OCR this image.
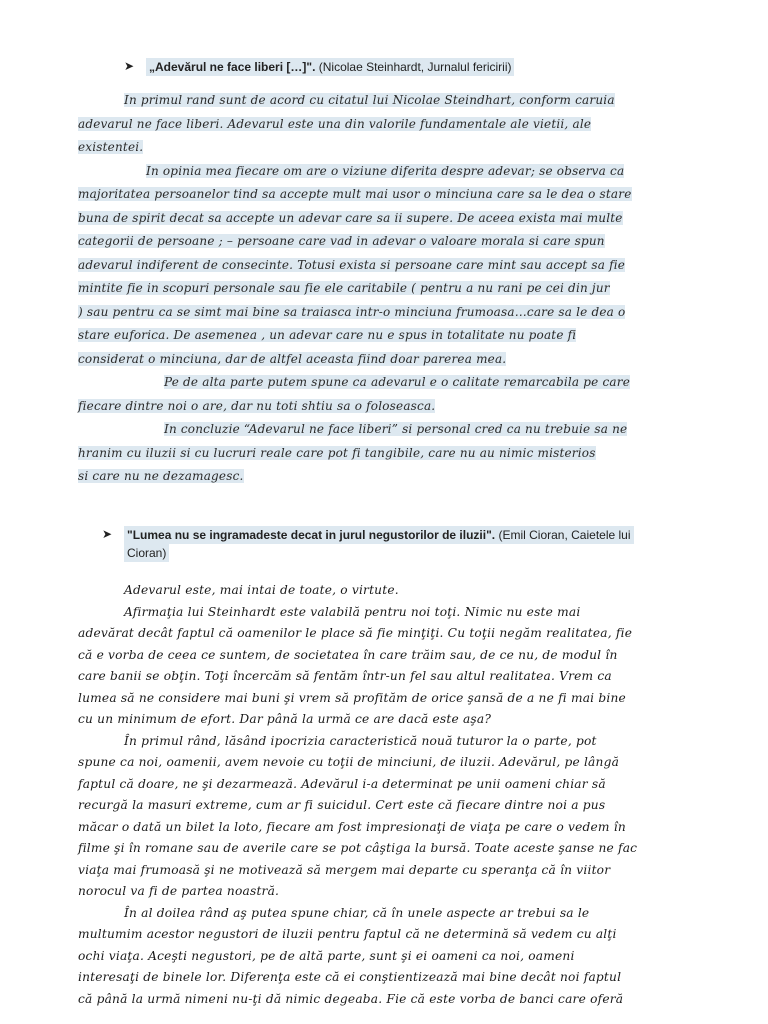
➤ „Adevărul ne face liberi […]". (Nicolae Steinhardt, Jurnalul fericirii)

In primul rand sunt de acord cu citatul lui Nicolae Steindhart, conform caruia

adevarul ne face liberi. Adevarul este una din valorile fundamentale ale vietii, ale

existentei.

In opinia mea fiecare om are o viziune diferita despre adevar; se observa ca

majoritatea persoanelor tind sa accepte mult mai usor o minciuna care sa le dea o stare

buna de spirit decat sa accepte un adevar care sa ii supere. De aceea exista mai multe

categorii de persoane ; – persoane care vad in adevar o valoare morala si care spun

adevarul indiferent de consecinte. Totusi exista si persoane care mint sau accept sa fie

mintite fie in scopuri personale sau fie ele caritabile ( pentru a nu rani pe cei din jur

) sau pentru ca se simt mai bine sa traiasca intr-o minciuna frumoasa…care sa le dea o

stare euforica. De asemenea , un adevar care nu e spus in totalitate nu poate fi

considerat o minciuna, dar de altfel aceasta fiind doar parerea mea.

Pe de alta parte putem spune ca adevarul e o calitate remarcabila pe care

fiecare dintre noi o are, dar nu toti shtiu sa o foloseasca.

In concluzie “Adevarul ne face liberi” si personal cred ca nu trebuie sa ne

hranim cu iluzii si cu lucruri reale care pot fi tangibile, care nu au nimic misterios

si care nu ne dezamagesc.

➤ "Lumea nu se ingramadeste decat in jurul negustorilor de iluzii". (Emil Cioran, Caietele lui
Cioran)

Adevarul este, mai intai de toate, o virtute.

Afirmaţia lui Steinhardt este valabilă pentru noi toţi. Nimic nu este mai

adevărat decât faptul că oamenilor le place să fie minţiţi. Cu toţii negăm realitatea, fie

că e vorba de ceea ce suntem, de societatea în care trăim sau, de ce nu, de modul în

care banii se obţin. Toţi încercăm să fentăm într-un fel sau altul realitatea. Vrem ca

lumea să ne considere mai buni şi vrem să profităm de orice şansă de a ne fi mai bine

cu un minimum de efort. Dar până la urmă ce are dacă este aşa?

În primul rând, lăsând ipocrizia caracteristică nouă tuturor la o parte, pot

spune ca noi, oamenii, avem nevoie cu toţii de minciuni, de iluzii. Adevărul, pe lângă

faptul că doare, ne şi dezarmează. Adevărul i-a determinat pe unii oameni chiar să

recurgă la masuri extreme, cum ar fi suicidul. Cert este că fiecare dintre noi a pus

măcar o dată un bilet la loto, fiecare am fost impresionaţi de viaţa pe care o vedem în

filme şi în romane sau de averile care se pot câştiga la bursă. Toate aceste şanse ne fac

viaţa mai frumoasă şi ne motivează să mergem mai departe cu speranţa că în viitor

norocul va fi de partea noastră.

În al doilea rând aş putea spune chiar, că în unele aspecte ar trebui sa le

multumim acestor negustori de iluzii pentru faptul că ne determină să vedem cu alţi

ochi viaţa. Aceşti negustori, pe de altă parte, sunt şi ei oameni ca noi, oameni

interesaţi de binele lor. Diferenţa este că ei conştientizează mai bine decât noi faptul

că până la urmă nimeni nu-ţi dă nimic degeaba. Fie că este vorba de banci care oferă
